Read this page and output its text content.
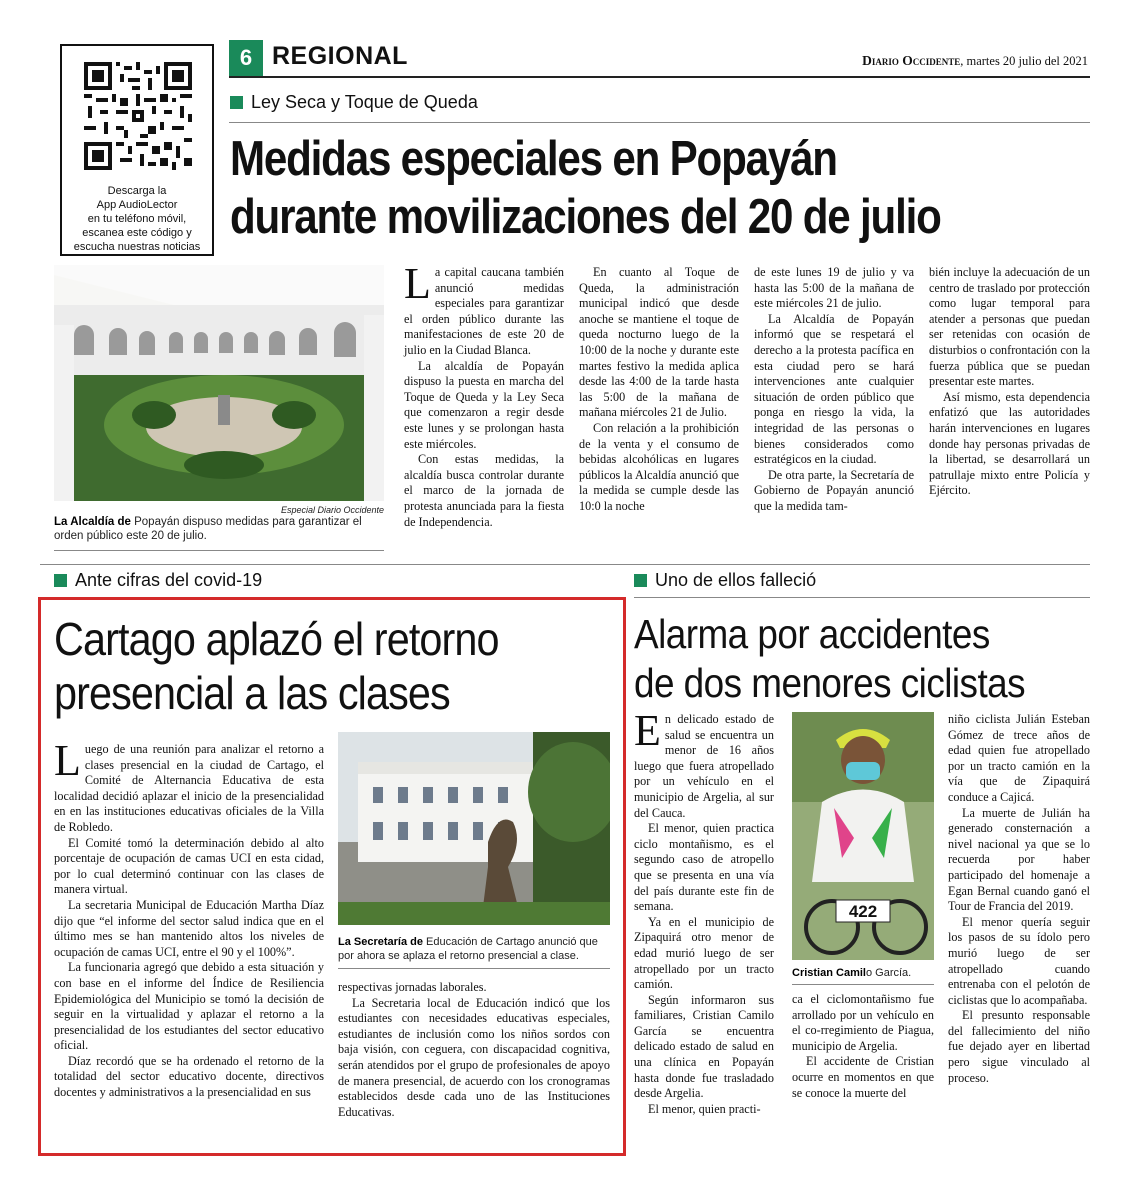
Descarga la
App AudioLector
en tu teléfono móvil,
escanea este código y
escucha nuestras noticias
6 REGIONAL	Diario Occidente, martes 20 julio del 2021
Ley Seca y Toque de Queda
Medidas especiales en Popayán
durante movilizaciones del 20 de julio
Especial Diario Occidente
La Alcaldía de Popayán dispuso medidas para garantizar el orden público este 20 de julio.

La capital caucana también anunció medidas especiales para garantizar el orden público durante las manifestaciones de este 20 de julio en la Ciudad Blanca.

La alcaldía de Popayán dispuso la puesta en marcha del Toque de Queda y la Ley Seca que comenzaron a regir desde este lunes y se prolongan hasta este miércoles.

Con estas medidas, la alcaldía busca controlar durante el marco de la jornada de protesta anunciada para la fiesta de Independencia.

En cuanto al Toque de Queda, la administración municipal indicó que desde anoche se mantiene el toque de queda nocturno luego de la 10:00 de la noche y durante este martes festivo la medida aplica desde las 4:00 de la tarde hasta las 5:00 de la mañana de mañana miércoles 21 de Julio.

Con relación a la prohibición de la venta y el consumo de bebidas alcohólicas en lugares públicos la Alcaldía anunció que la medida se cumple desde las 10:0 la noche

de este lunes 19 de julio y va hasta las 5:00 de la mañana de este miércoles 21 de julio.

La Alcaldía de Popayán informó que se respetará el derecho a la protesta pacífica en esta ciudad pero se hará intervenciones ante cualquier situación de orden público que ponga en riesgo la vida, la integridad de las personas o bienes considerados como estratégicos en la ciudad.

De otra parte, la Secretaría de Gobierno de Popayán anunció que la medida tam-

bién incluye la adecuación de un centro de traslado por protección como lugar temporal para atender a personas que puedan ser retenidas con ocasión de disturbios o confrontación con la fuerza pública que se puedan presentar este martes.

Así mismo, esta dependencia enfatizó que las autoridades harán intervenciones en lugares donde hay personas privadas de la libertad, se desarrollará un patrullaje mixto entre Policía y Ejército.

Ante cifras del covid-19
Cartago aplazó el retorno
presencial a las clases

Luego de una reunión para analizar el retorno a clases presencial en la ciudad de Cartago, el Comité de Alternancia Educativa de esta localidad decidió aplazar el inicio de la presencialidad en en las instituciones educativas oficiales de la Villa de Robledo.

El Comité tomó la determinación debido al alto porcentaje de ocupación de camas UCI en esta cidad, por lo cual determinó continuar con las clases de manera virtual.

La secretaria Municipal de Educación Martha Díaz dijo que “el informe del sector salud indica que en el último mes se han mantenido altos los niveles de ocupación de camas UCI, entre el 90 y el 100%”.

La funcionaria agregó que debido a esta situación y con base en el informe del Índice de Resiliencia Epidemiológica del Municipio se tomó la decisión de seguir en la virtualidad y aplazar el retorno a la presencialidad de los estudiantes del sector educativo oficial.

Díaz recordó que se ha ordenado el retorno de la totalidad del sector educativo docente, directivos docentes y administrativos a la presencialidad en sus

La Secretaría de Educación de Cartago anunció que por ahora se aplaza el retorno presencial a clase.

respectivas jornadas laborales.

La Secretaria local de Educación indicó que los estudiantes con necesidades educativas especiales, estudiantes de inclusión como los niños sordos con baja visión, con ceguera, con discapacidad cognitiva, serán atendidos por el grupo de profesionales de apoyo de manera presencial, de acuerdo con los cronogramas establecidos desde cada uno de las Instituciones Educativas.

Uno de ellos falleció
Alarma por accidentes
de dos menores ciclistas

En delicado estado de salud se encuentra un menor de 16 años luego que fuera atropellado por un vehículo en el municipio de Argelia, al sur del Cauca.

El menor, quien practica ciclo montañismo, es el segundo caso de atropello que se presenta en una vía del país durante este fin de semana.

Ya en el municipio de Zipaquirá otro menor de edad murió luego de ser atropellado por un tracto camión.

Según informaron sus familiares, Cristian Camilo García se encuentra delicado estado de salud en una clínica en Popayán hasta donde fue trasladado desde Argelia.

El menor, quien practi-

422
Cristian Camilo García.

ca el ciclomontañismo fue arrollado por un vehículo en el co-rregimiento de Piagua, municipio de Argelia.

El accidente de Cristian ocurre en momentos en que se conoce la muerte del

niño ciclista Julián Esteban Gómez de trece años de edad quien fue atropellado por un tracto camión en la vía que de Zipaquirá conduce a Cajicá.

La muerte de Julián ha generado consternación a nivel nacional ya que se lo recuerda por haber participado del homenaje a Egan Bernal cuando ganó el Tour de Francia del 2019.

El menor quería seguir los pasos de su ídolo pero murió luego de ser atropellado cuando entrenaba con el pelotón de ciclistas que lo acompañaba.

El presunto responsable del fallecimiento del niño fue dejado ayer en libertad pero sigue vinculado al proceso.
